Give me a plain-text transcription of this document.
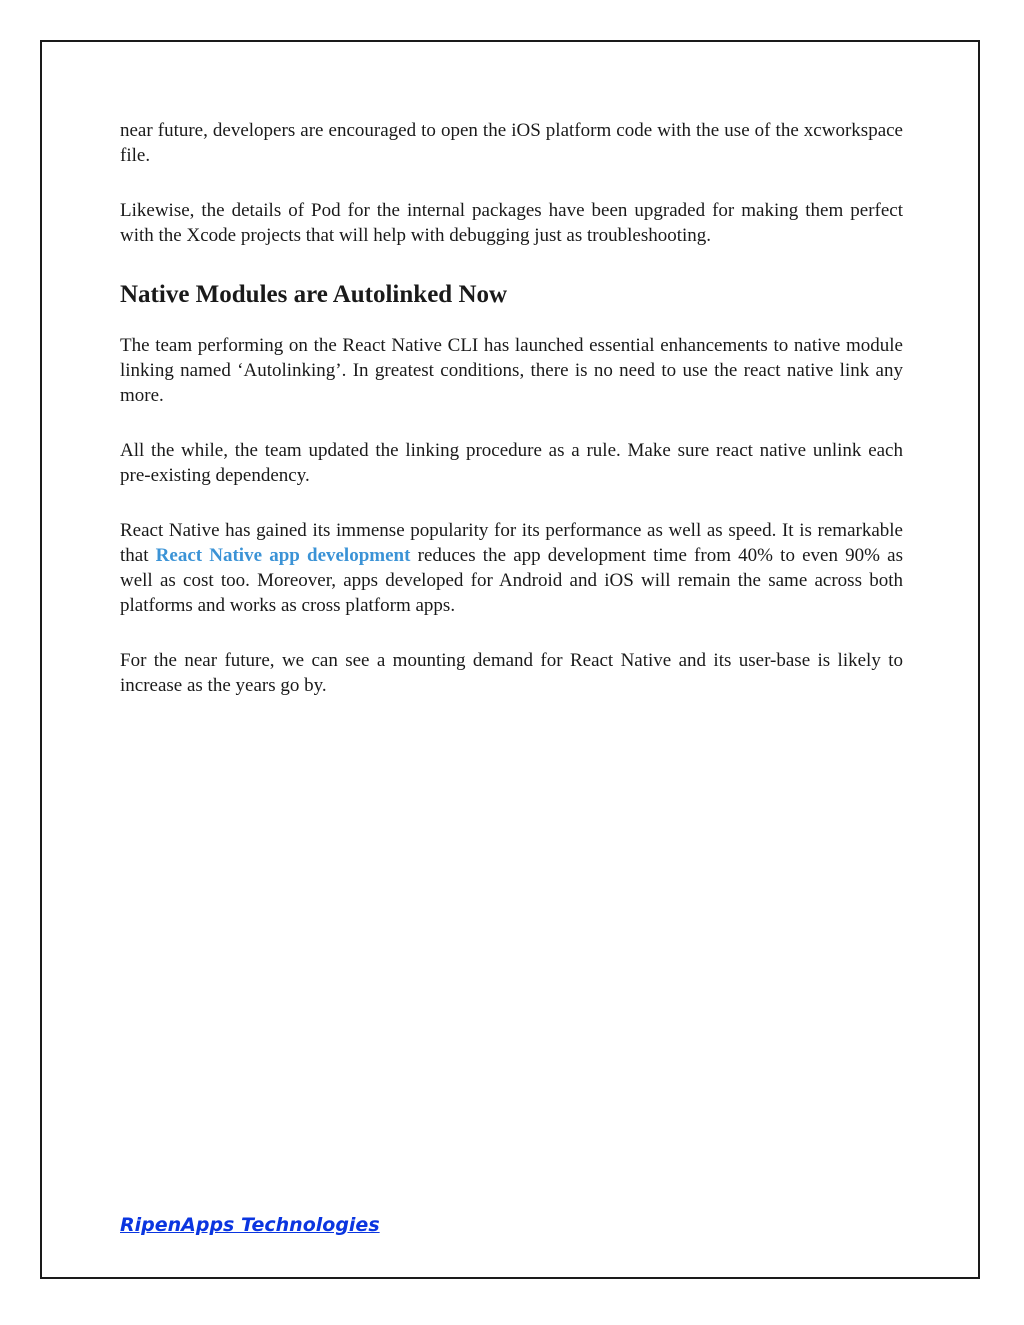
near future, developers are encouraged to open the iOS platform code with the use of the xcworkspace file.

Likewise, the details of Pod for the internal packages have been upgraded for making them perfect with the Xcode projects that will help with debugging just as troubleshooting.

Native Modules are Autolinked Now

The team performing on the React Native CLI has launched essential enhancements to native module linking named ‘Autolinking’. In greatest conditions, there is no need to use the react native link any more.

All the while, the team updated the linking procedure as a rule. Make sure react native unlink each pre-existing dependency.

React Native has gained its immense popularity for its performance as well as speed. It is remarkable that React Native app development reduces the app development time from 40% to even 90% as well as cost too. Moreover, apps developed for Android and iOS will remain the same across both platforms and works as cross platform apps.

For the near future, we can see a mounting demand for React Native and its user-base is likely to increase as the years go by.

RipenApps Technologies
